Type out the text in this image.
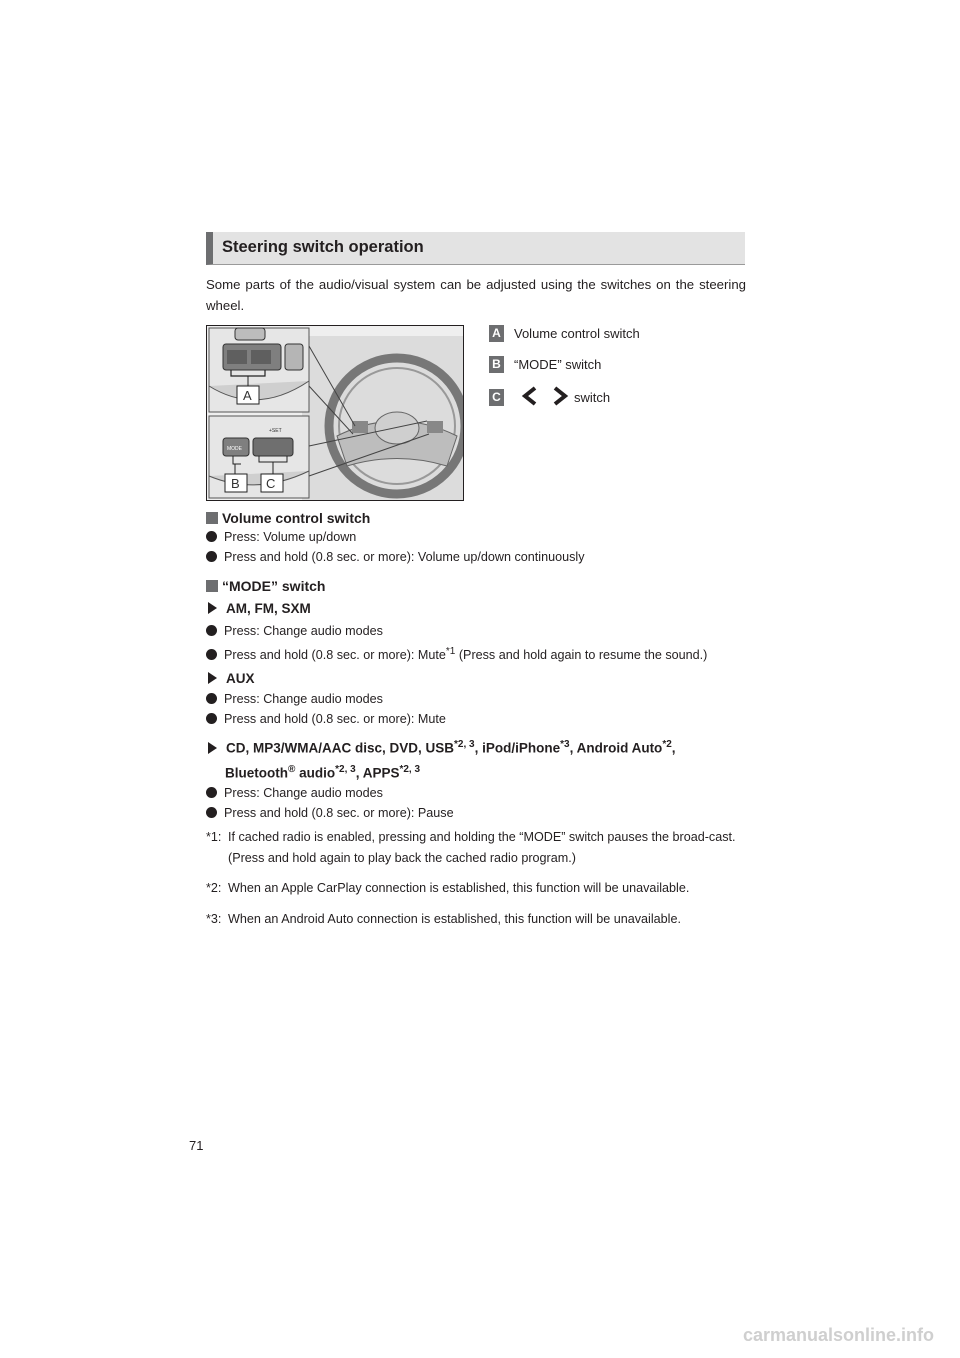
Steering switch operation
Some parts of the audio/visual system can be adjusted using the switches on the steering wheel.
A
MODE
+SET
B C
A Volume control switch
B “MODE” switch
C	switch
Volume control switch
Press: Volume up/down
Press and hold (0.8 sec. or more): Volume up/down continuously
“MODE” switch
AM, FM, SXM
Press: Change audio modes
Press and hold (0.8 sec. or more): Mute$^{*1}$ (Press and hold again to resume the sound.)
AUX
Press: Change audio modes
Press and hold (0.8 sec. or more): Mute
CD, MP3/WMA/AAC disc, DVD, USB$^{*2, 3}$, iPod/iPhone$^{*3}$, Android Auto$^{*2}$,
Bluetooth® audio$^{*2, 3}$, APPS$^{*2, 3}$
Press: Change audio modes
Press and hold (0.8 sec. or more): Pause
*1: If cached radio is enabled, pressing and holding the “MODE” switch pauses the broad-cast. (Press and hold again to play back the cached radio program.)
*2: When an Apple CarPlay connection is established, this function will be unavailable.
*3: When an Android Auto connection is established, this function will be unavailable.
71
carmanualsonline.info
